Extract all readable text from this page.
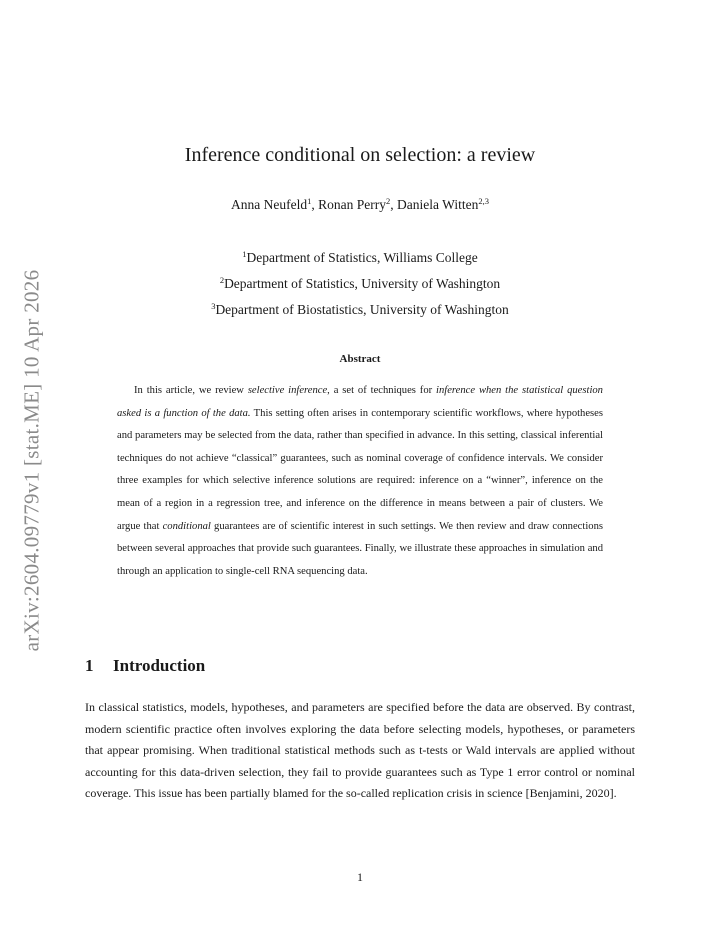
arXiv:2604.09779v1 [stat.ME] 10 Apr 2026
Inference conditional on selection: a review
Anna Neufeld$^1$, Ronan Perry$^2$, Daniela Witten$^{2,3}$
$^1$Department of Statistics, Williams College
$^2$Department of Statistics, University of Washington
$^3$Department of Biostatistics, University of Washington
Abstract

In this article, we review selective inference, a set of techniques for inference when the statistical question asked is a function of the data. This setting often arises in contemporary scientific workflows, where hypotheses and parameters may be selected from the data, rather than specified in advance. In this setting, classical inferential techniques do not achieve “classical” guarantees, such as nominal coverage of confidence intervals. We consider three examples for which selective inference solutions are required: inference on a “winner”, inference on the mean of a region in a regression tree, and inference on the difference in means between a pair of clusters. We argue that conditional guarantees are of scientific interest in such settings. We then review and draw connections between several approaches that provide such guarantees. Finally, we illustrate these approaches in simulation and through an application to single-cell RNA sequencing data.

1 Introduction

In classical statistics, models, hypotheses, and parameters are specified before the data are observed. By contrast, modern scientific practice often involves exploring the data before selecting models, hypotheses, or parameters that appear promising. When traditional statistical methods such as t-tests or Wald intervals are applied without accounting for this data-driven selection, they fail to provide guarantees such as Type 1 error control or nominal coverage. This issue has been partially blamed for the so-called replication crisis in science [Benjamini, 2020].

1
